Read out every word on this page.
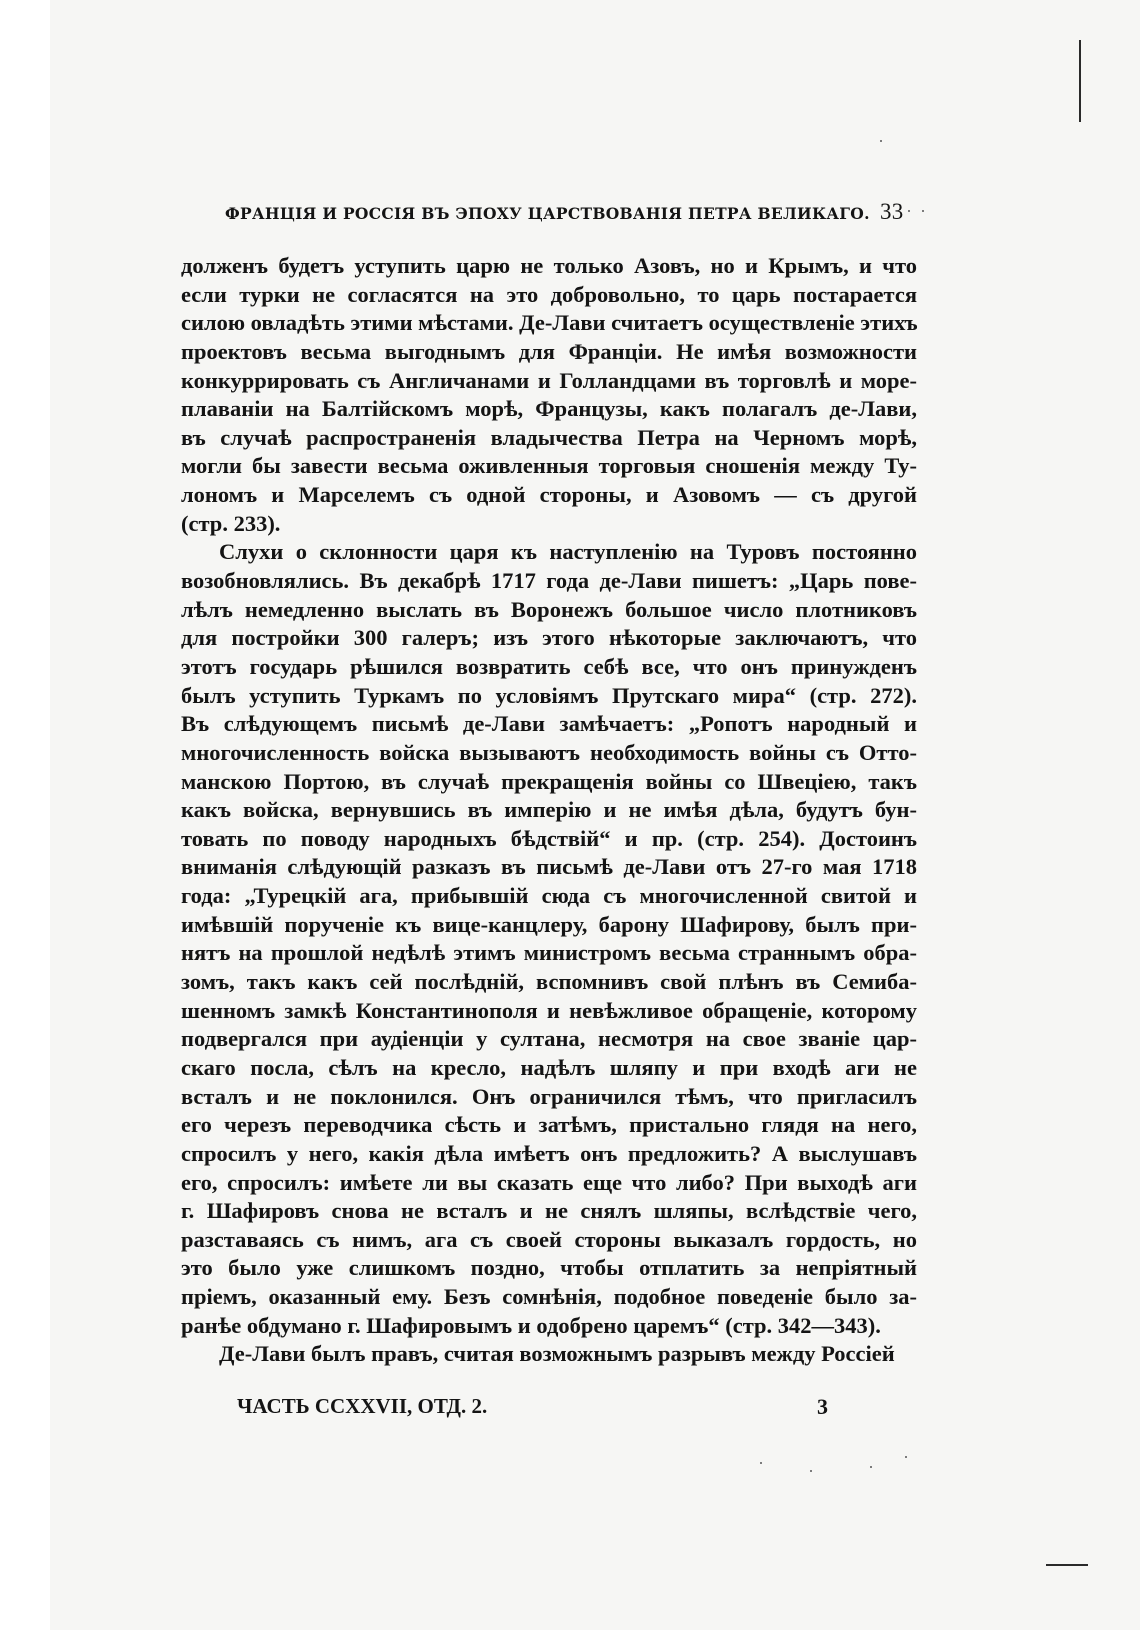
ФРАНЦІЯ И РОССІЯ ВЪ ЭПОХУ ЦАРСТВОВАНІЯ ПЕТРА ВЕЛИКАГО. 33
долженъ будетъ уступить царю не только Азовъ, но и Крымъ, и что
если турки не согласятся на это добровольно, то царь постарается
силою овладѣть этими мѣстами. Де-Лави считаетъ осуществленіе этихъ
проектовъ весьма выгоднымъ для Франціи. Не имѣя возможности
конкуррировать съ Англичанами и Голландцами въ торговлѣ и море-
плаваніи на Балтійскомъ морѣ, Французы, какъ полагалъ де-Лави,
въ случаѣ распространенія владычества Петра на Черномъ морѣ,
могли бы завести весьма оживленныя торговыя сношенія между Ту-
лономъ и Марселемъ съ одной стороны, и Азовомъ — съ другой
(стр. 233).
Слухи о склонности царя къ наступленію на Туровъ постоянно
возобновлялись. Въ декабрѣ 1717 года де-Лави пишетъ: „Царь пове-
лѣлъ немедленно выслать въ Воронежъ большое число плотниковъ
для постройки 300 галеръ; изъ этого нѣкоторые заключаютъ, что
этотъ государь рѣшился возвратить себѣ все, что онъ принужденъ
былъ уступить Туркамъ по условіямъ Прутскаго мира“ (стр. 272).
Въ слѣдующемъ письмѣ де-Лави замѣчаетъ: „Ропотъ народный и
многочисленность войска вызываютъ необходимость войны съ Отто-
манскою Портою, въ случаѣ прекращенія войны со Швеціею, такъ
какъ войска, вернувшись въ имперію и не имѣя дѣла, будутъ бун-
товать по поводу народныхъ бѣдствій“ и пр. (стр. 254). Достоинъ
вниманія слѣдующій разказъ въ письмѣ де-Лави отъ 27-го мая 1718
года: „Турецкій ага, прибывшій сюда съ многочисленной свитой и
имѣвшій порученіе къ вице-канцлеру, барону Шафирову, былъ при-
нятъ на прошлой недѣлѣ этимъ министромъ весьма страннымъ обра-
зомъ, такъ какъ сей послѣдній, вспомнивъ свой плѣнъ въ Семиба-
шенномъ замкѣ Константинополя и невѣжливое обращеніе, которому
подвергался при аудіенціи у султана, несмотря на свое званіе цар-
скаго посла, сѣлъ на кресло, надѣлъ шляпу и при входѣ аги не
всталъ и не поклонился. Онъ ограничился тѣмъ, что пригласилъ
его черезъ переводчика сѣсть и затѣмъ, пристально глядя на него,
спросилъ у него, какія дѣла имѣетъ онъ предложить? А выслушавъ
его, спросилъ: имѣете ли вы сказать еще что либо? При выходѣ аги
г. Шафировъ снова не всталъ и не снялъ шляпы, вслѣдствіе чего,
разставаясь съ нимъ, ага съ своей стороны выказалъ гордость, но
это было уже слишкомъ поздно, чтобы отплатить за непріятный
пріемъ, оказанный ему. Безъ сомнѣнія, подобное поведеніе было за-
ранѣе обдумано г. Шафировымъ и одобрено царемъ“ (стр. 342—343).
Де-Лави былъ правъ, считая возможнымъ разрывъ между Россіей
ЧАСТЬ CCXXVII, ОТД. 2.	3
